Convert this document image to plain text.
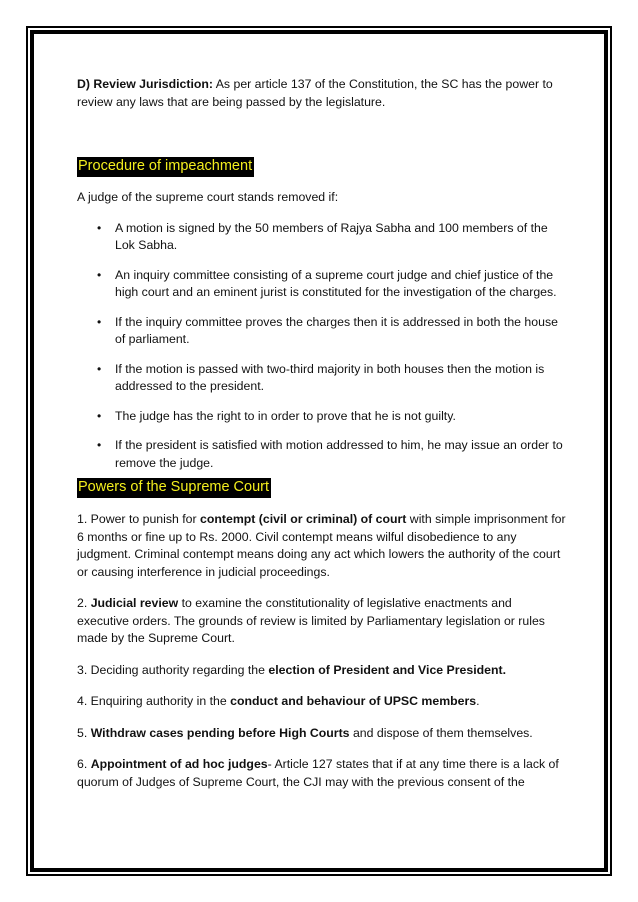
D) Review Jurisdiction: As per article 137 of the Constitution, the SC has the power to review any laws that are being passed by the legislature.

Procedure of impeachment

A judge of the supreme court stands removed if:

• A motion is signed by the 50 members of Rajya Sabha and 100 members of the Lok Sabha.
• An inquiry committee consisting of a supreme court judge and chief justice of the high court and an eminent jurist is constituted for the investigation of the charges.
• If the inquiry committee proves the charges then it is addressed in both the house of parliament.
• If the motion is passed with two-third majority in both houses then the motion is addressed to the president.
• The judge has the right to in order to prove that he is not guilty.
• If the president is satisfied with motion addressed to him, he may issue an order to remove the judge.

Powers of the Supreme Court

1. Power to punish for contempt (civil or criminal) of court with simple imprisonment for 6 months or fine up to Rs. 2000. Civil contempt means wilful disobedience to any judgment. Criminal contempt means doing any act which lowers the authority of the court or causing interference in judicial proceedings.

2. Judicial review to examine the constitutionality of legislative enactments and executive orders. The grounds of review is limited by Parliamentary legislation or rules made by the Supreme Court.

3. Deciding authority regarding the election of President and Vice President.

4. Enquiring authority in the conduct and behaviour of UPSC members.

5. Withdraw cases pending before High Courts and dispose of them themselves.

6. Appointment of ad hoc judges- Article 127 states that if at any time there is a lack of quorum of Judges of Supreme Court, the CJI may with the previous consent of the
